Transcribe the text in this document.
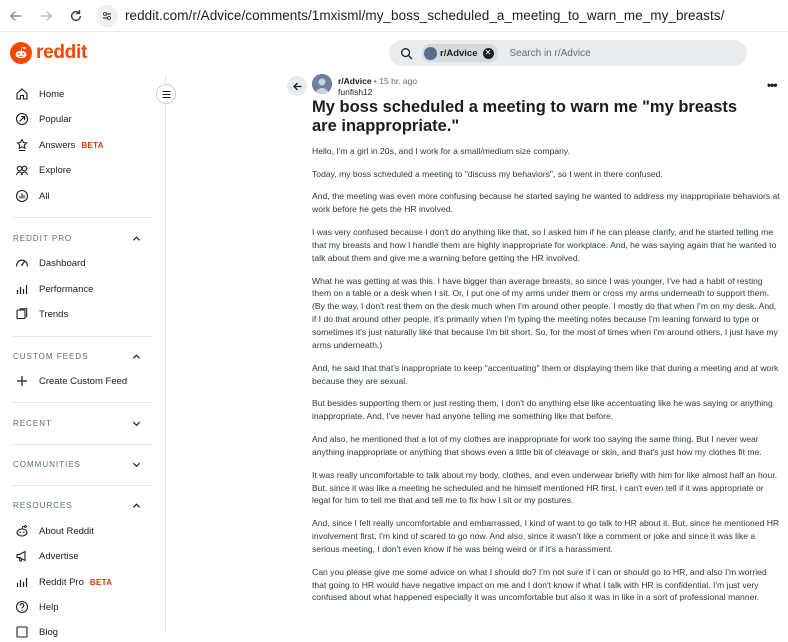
reddit.com/r/Advice/comments/1mxisml/my_boss_scheduled_a_meeting_to_warn_me_my_breasts/
reddit	r/Advice ✕ Search in r/Advice
Home
Popular
Answers BETA
Explore
All
REDDIT PRO
Dashboard
Performance
Trends
CUSTOM FEEDS
Create Custom Feed
RECENT
COMMUNITIES
RESOURCES
About Reddit
Advertise
Reddit Pro BETA
Help
Blog
r/Advice • 15 hr. ago
funfish12	•••
My boss scheduled a meeting to warn me "my breasts are inappropriate."

Hello, I'm a girl in 20s, and I work for a small/medium size company.

Today, my boss scheduled a meeting to "discuss my behaviors", so I went in there confused.

And, the meeting was even more confusing because he started saying he wanted to address my inappropriate behaviors at work before he gets the HR involved.

I was very confused because I don't do anything like that, so I asked him if he can please clarify, and he started telling me that my breasts and how I handle them are highly inappropriate for workplace. And, he was saying again that he wanted to talk about them and give me a warning before getting the HR involved.

What he was getting at was this. I have bigger than average breasts, so since I was younger, I've had a habit of resting them on a table or a desk when I sit. Or, I put one of my arms under them or cross my arms underneath to support them. (By the way, I don't rest them on the desk much when I'm around other people. I mostly do that when I'm on my desk. And, if I do that around other people, it's primarily when I'm typing the meeting notes because I'm leaning forward to type or sometimes it's just naturally like that because I'm bit short. So, for the most of times when I'm around others, I just have my arms underneath.)

And, he said that that's inappropriate to keep "accentuating" them or displaying them like that during a meeting and at work because they are sexual.

But besides supporting them or just resting them, I don't do anything else like accentuating like he was saying or anything inappropriate. And, I've never had anyone telling me something like that before.

And also, he mentioned that a lot of my clothes are inappropriate for work too saying the same thing. But I never wear anything inappropriate or anything that shows even a little bit of cleavage or skin, and that's just how my clothes fit me.

It was really uncomfortable to talk about my body, clothes, and even underwear briefly with him for like almost half an hour. But, since it was like a meeting he scheduled and he himself mentioned HR first, I can't even tell if it was appropriate or legal for him to tell me that and tell me to fix how I sit or my postures.

And, since I felt really uncomfortable and embarrassed, I kind of want to go talk to HR about it. But, since he mentioned HR involvement first, I'm kind of scared to go now. And also, since it wasn't like a comment or joke and since it was like a serious meeting, I don't even know if he was being weird or if it's a harassment.

Can you please give me some advice on what I should do? I'm not sure if I can or should go to HR, and also I'm worried that going to HR would have negative impact on me and I don't know if what I talk with HR is confidential. I'm just very confused about what happened especially it was uncomfortable but also it was in like in a sort of professional manner.
